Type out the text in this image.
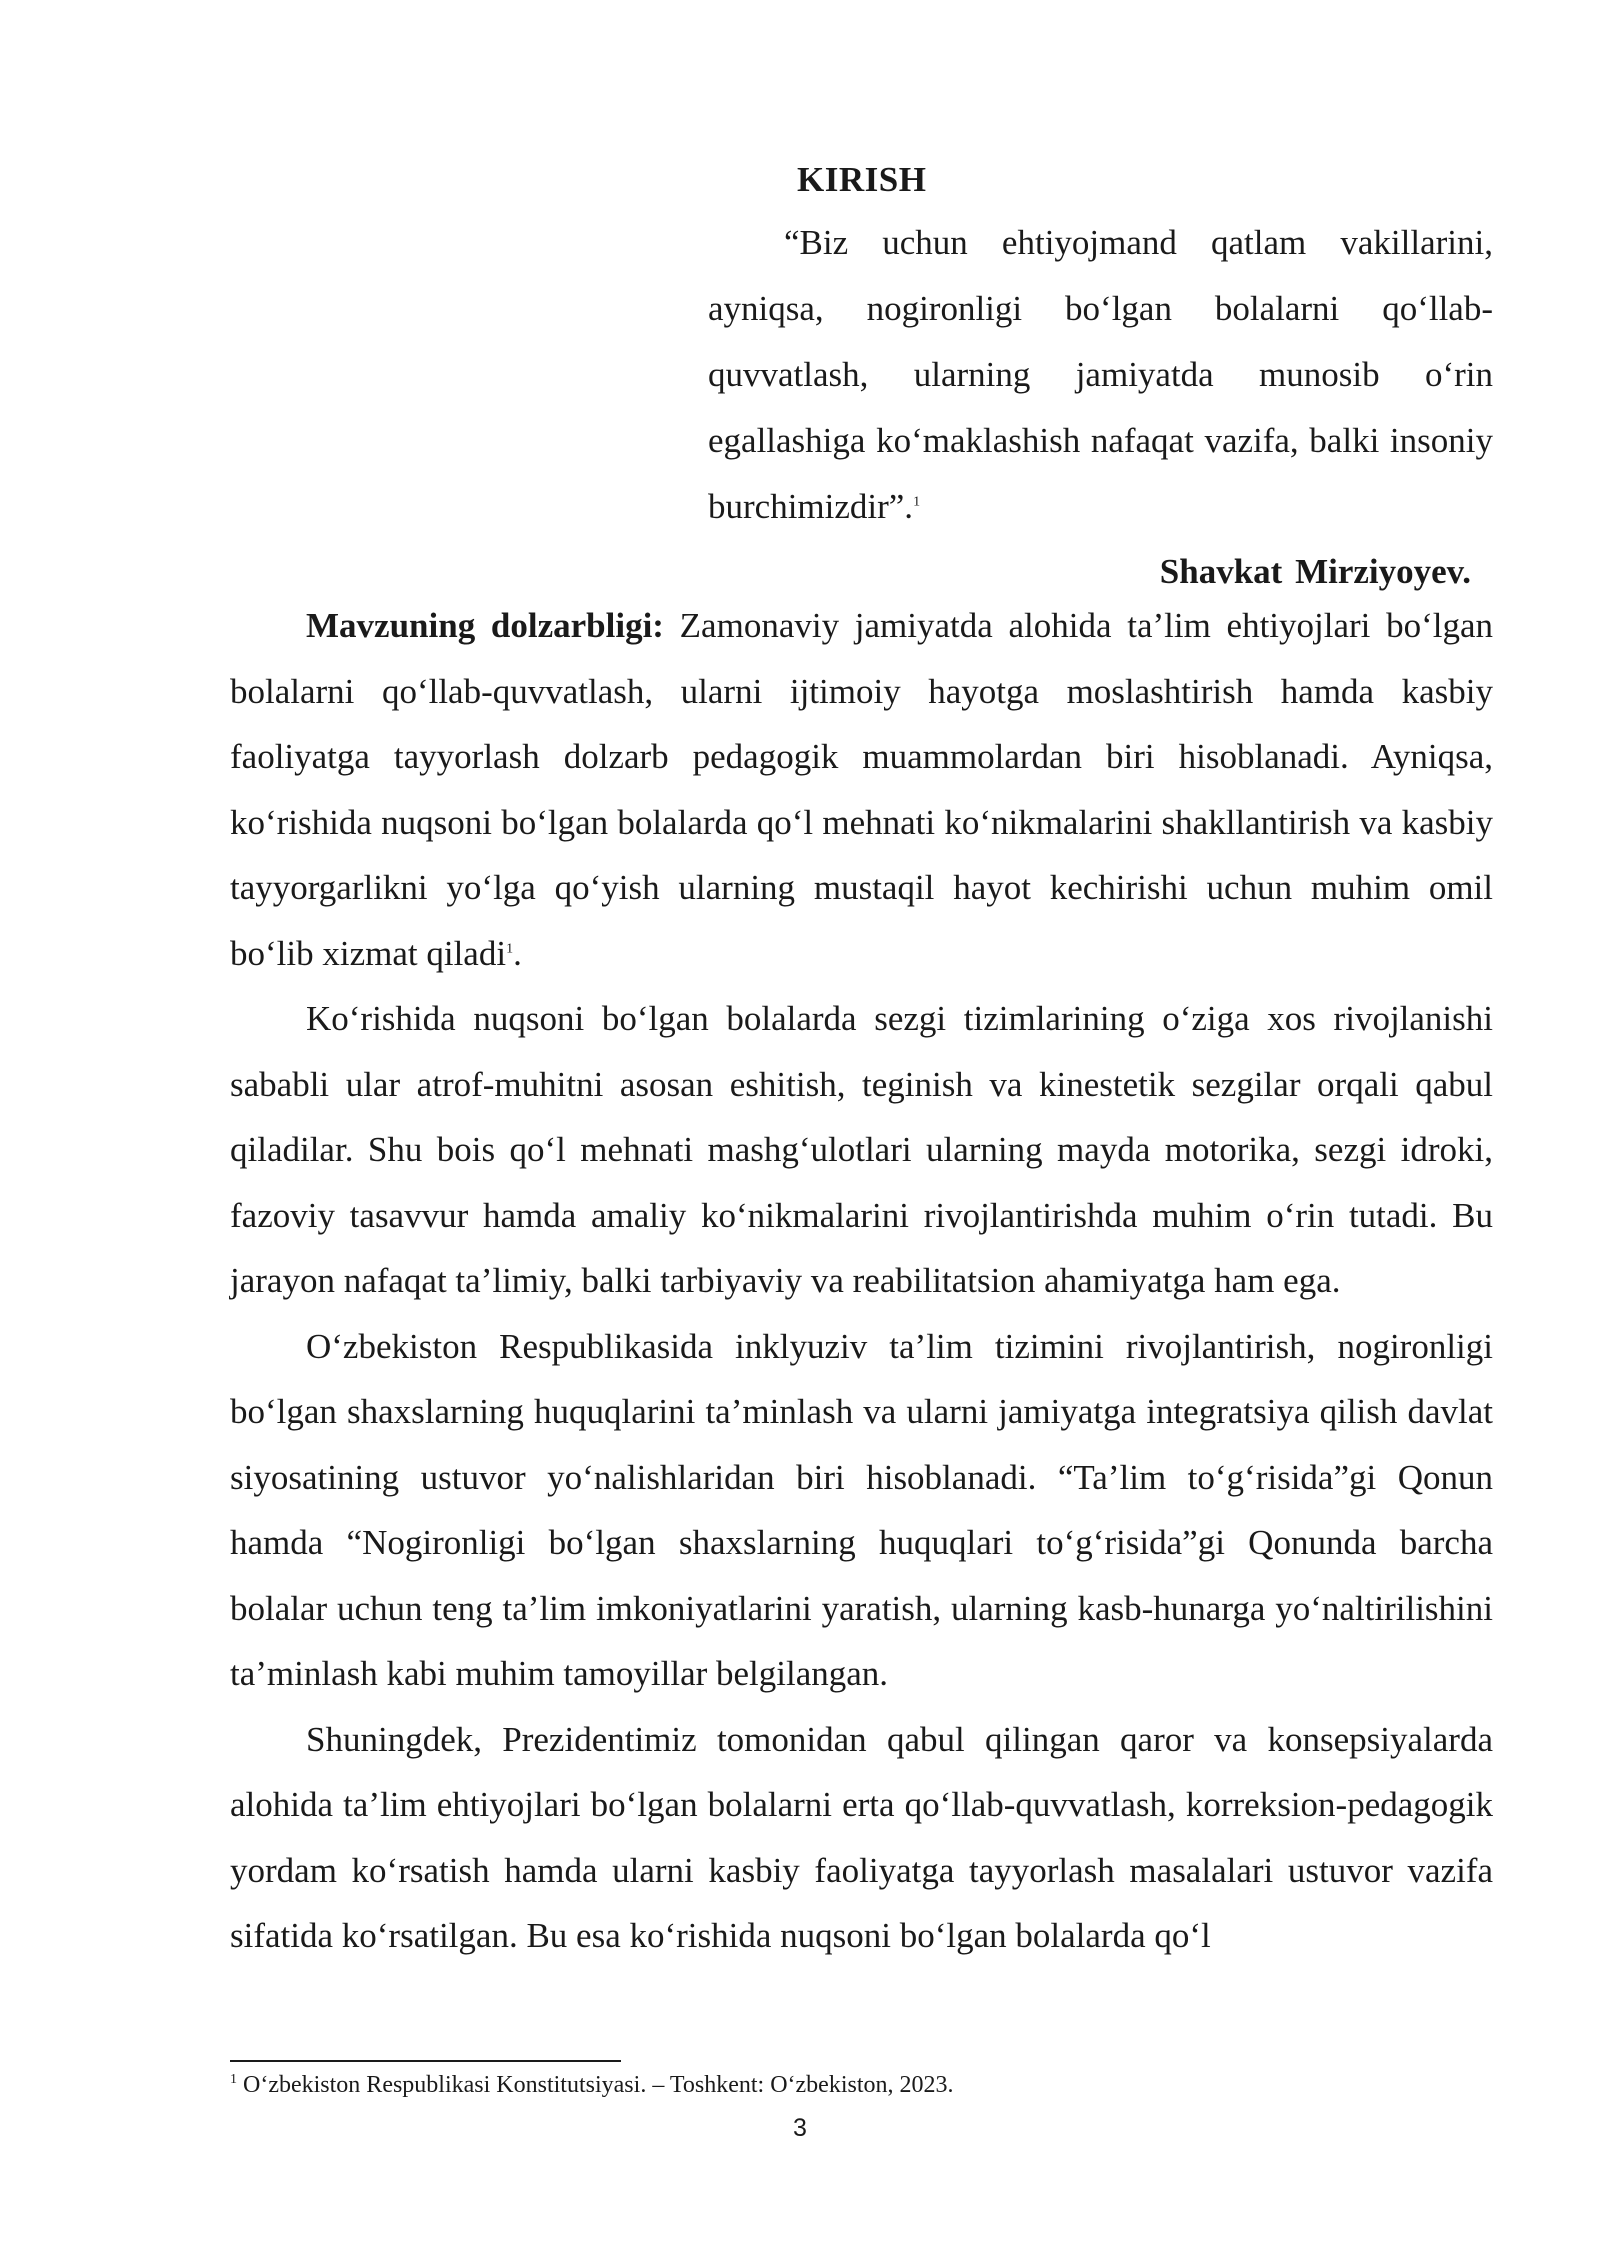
KIRISH

“Biz uchun ehtiyojmand qatlam vakillarini, ayniqsa, nogironligi bo‘lgan bolalarni qo‘llab-quvvatlash, ularning jamiyatda munosib o‘rin egallashiga ko‘maklashish nafaqat vazifa, balki insoniy burchimizdir”.$^1$

Shavkat Mirziyoyev.

Mavzuning dolzarbligi: Zamonaviy jamiyatda alohida ta’lim ehtiyojlari bo‘lgan bolalarni qo‘llab-quvvatlash, ularni ijtimoiy hayotga moslashtirish hamda kasbiy faoliyatga tayyorlash dolzarb pedagogik muammolardan biri hisoblanadi. Ayniqsa, ko‘rishida nuqsoni bo‘lgan bolalarda qo‘l mehnati ko‘nikmalarini shakllantirish va kasbiy tayyorgarlikni yo‘lga qo‘yish ularning mustaqil hayot kechirishi uchun muhim omil bo‘lib xizmat qiladi$^1$.

Ko‘rishida nuqsoni bo‘lgan bolalarda sezgi tizimlarining o‘ziga xos rivojlanishi sababli ular atrof-muhitni asosan eshitish, teginish va kinestetik sezgilar orqali qabul qiladilar. Shu bois qo‘l mehnati mashg‘ulotlari ularning mayda motorika, sezgi idroki, fazoviy tasavvur hamda amaliy ko‘nikmalarini rivojlantirishda muhim o‘rin tutadi. Bu jarayon nafaqat ta’limiy, balki tarbiyaviy va reabilitatsion ahamiyatga ham ega.

O‘zbekiston Respublikasida inklyuziv ta’lim tizimini rivojlantirish, nogironligi bo‘lgan shaxslarning huquqlarini ta’minlash va ularni jamiyatga integratsiya qilish davlat siyosatining ustuvor yo‘nalishlaridan biri hisoblanadi. “Ta’lim to‘g‘risida”gi Qonun hamda “Nogironligi bo‘lgan shaxslarning huquqlari to‘g‘risida”gi Qonunda barcha bolalar uchun teng ta’lim imkoniyatlarini yaratish, ularning kasb-hunarga yo‘naltirilishini ta’minlash kabi muhim tamoyillar belgilangan.

Shuningdek, Prezidentimiz tomonidan qabul qilingan qaror va konsepsiyalarda alohida ta’lim ehtiyojlari bo‘lgan bolalarni erta qo‘llab-quvvatlash, korreksion-pedagogik yordam ko‘rsatish hamda ularni kasbiy faoliyatga tayyorlash masalalari ustuvor vazifa sifatida ko‘rsatilgan. Bu esa ko‘rishida nuqsoni bo‘lgan bolalarda qo‘l

$^1$ O‘zbekiston Respublikasi Konstitutsiyasi. – Toshkent: O‘zbekiston, 2023.
3
